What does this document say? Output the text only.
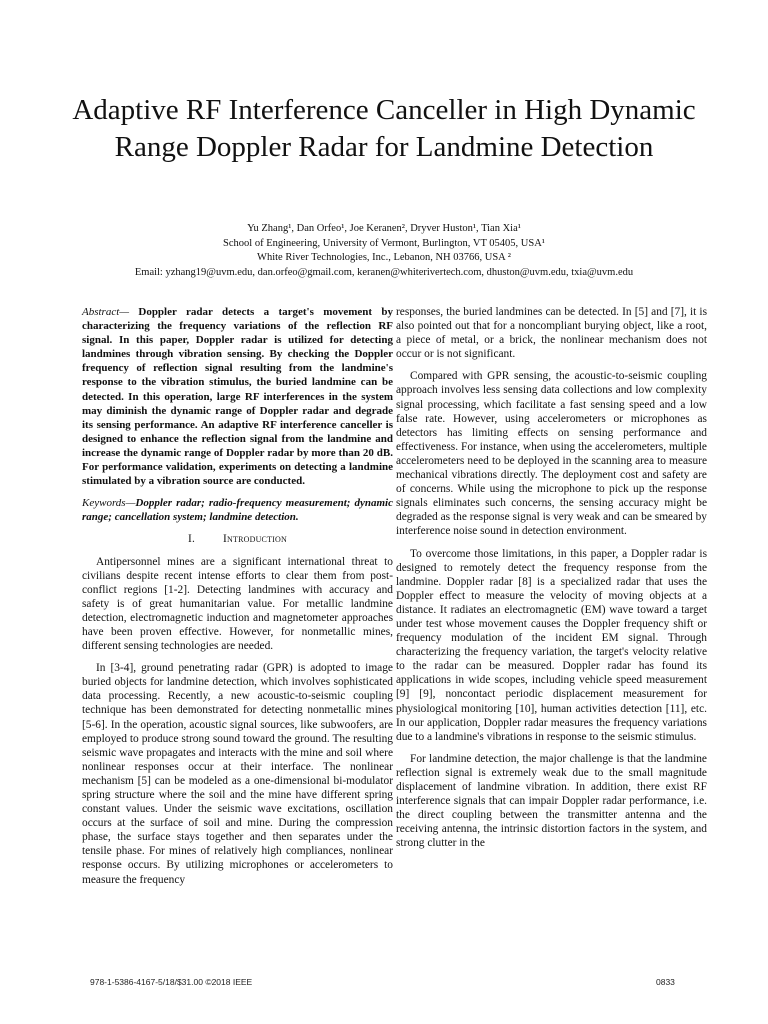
Adaptive RF Interference Canceller in High Dynamic Range Doppler Radar for Landmine Detection
Yu Zhang¹, Dan Orfeo¹, Joe Keranen², Dryver Huston¹, Tian Xia¹
School of Engineering, University of Vermont, Burlington, VT 05405, USA¹
White River Technologies, Inc., Lebanon, NH 03766, USA ²
Email: yzhang19@uvm.edu, dan.orfeo@gmail.com, keranen@whiterivertech.com, dhuston@uvm.edu, txia@uvm.edu

Abstract— Doppler radar detects a target's movement by characterizing the frequency variations of the reflection RF signal. In this paper, Doppler radar is utilized for detecting landmines through vibration sensing. By checking the Doppler frequency of reflection signal resulting from the landmine's response to the vibration stimulus, the buried landmine can be detected. In this operation, large RF interferences in the system may diminish the dynamic range of Doppler radar and degrade its sensing performance. An adaptive RF interference canceller is designed to enhance the reflection signal from the landmine and increase the dynamic range of Doppler radar by more than 20 dB. For performance validation, experiments on detecting a landmine stimulated by a vibration source are conducted.

Keywords—Doppler radar; radio-frequency measurement; dynamic range; cancellation system; landmine detection.

I. Introduction

Antipersonnel mines are a significant international threat to civilians despite recent intense efforts to clear them from post-conflict regions [1-2]. Detecting landmines with accuracy and safety is of great humanitarian value. For metallic landmine detection, electromagnetic induction and magnetometer approaches have been proven effective. However, for nonmetallic mines, different sensing technologies are needed.

In [3-4], ground penetrating radar (GPR) is adopted to image buried objects for landmine detection, which involves sophisticated data processing. Recently, a new acoustic-to-seismic coupling technique has been demonstrated for detecting nonmetallic mines [5-6]. In the operation, acoustic signal sources, like subwoofers, are employed to produce strong sound toward the ground. The resulting seismic wave propagates and interacts with the mine and soil where nonlinear responses occur at their interface. The nonlinear mechanism [5] can be modeled as a one-dimensional bi-modulator spring structure where the soil and the mine have different spring constant values. Under the seismic wave excitations, oscillation occurs at the surface of soil and mine. During the compression phase, the surface stays together and then separates under the tensile phase. For mines of relatively high compliances, nonlinear response occurs. By utilizing microphones or accelerometers to measure the frequency

responses, the buried landmines can be detected. In [5] and [7], it is also pointed out that for a noncompliant burying object, like a root, a piece of metal, or a brick, the nonlinear mechanism does not occur or is not significant.

Compared with GPR sensing, the acoustic-to-seismic coupling approach involves less sensing data collections and low complexity signal processing, which facilitate a fast sensing speed and a low false rate. However, using accelerometers or microphones as detectors has limiting effects on sensing performance and effectiveness. For instance, when using the accelerometers, multiple accelerometers need to be deployed in the scanning area to measure mechanical vibrations directly. The deployment cost and safety are of concerns. While using the microphone to pick up the response signals eliminates such concerns, the sensing accuracy might be degraded as the response signal is very weak and can be smeared by interference noise sound in detection environment.

To overcome those limitations, in this paper, a Doppler radar is designed to remotely detect the frequency response from the landmine. Doppler radar [8] is a specialized radar that uses the Doppler effect to measure the velocity of moving objects at a distance. It radiates an electromagnetic (EM) wave toward a target under test whose movement causes the Doppler frequency shift or frequency modulation of the incident EM signal. Through characterizing the frequency variation, the target's velocity relative to the radar can be measured. Doppler radar has found its applications in wide scopes, including vehicle speed measurement [9] [9], noncontact periodic displacement measurement for physiological monitoring [10], human activities detection [11], etc. In our application, Doppler radar measures the frequency variations due to a landmine's vibrations in response to the seismic stimulus.

For landmine detection, the major challenge is that the landmine reflection signal is extremely weak due to the small magnitude displacement of landmine vibration. In addition, there exist RF interference signals that can impair Doppler radar performance, i.e. the direct coupling between the transmitter antenna and the receiving antenna, the intrinsic distortion factors in the system, and strong clutter in the

978-1-5386-4167-5/18/$31.00 ©2018 IEEE	0833
